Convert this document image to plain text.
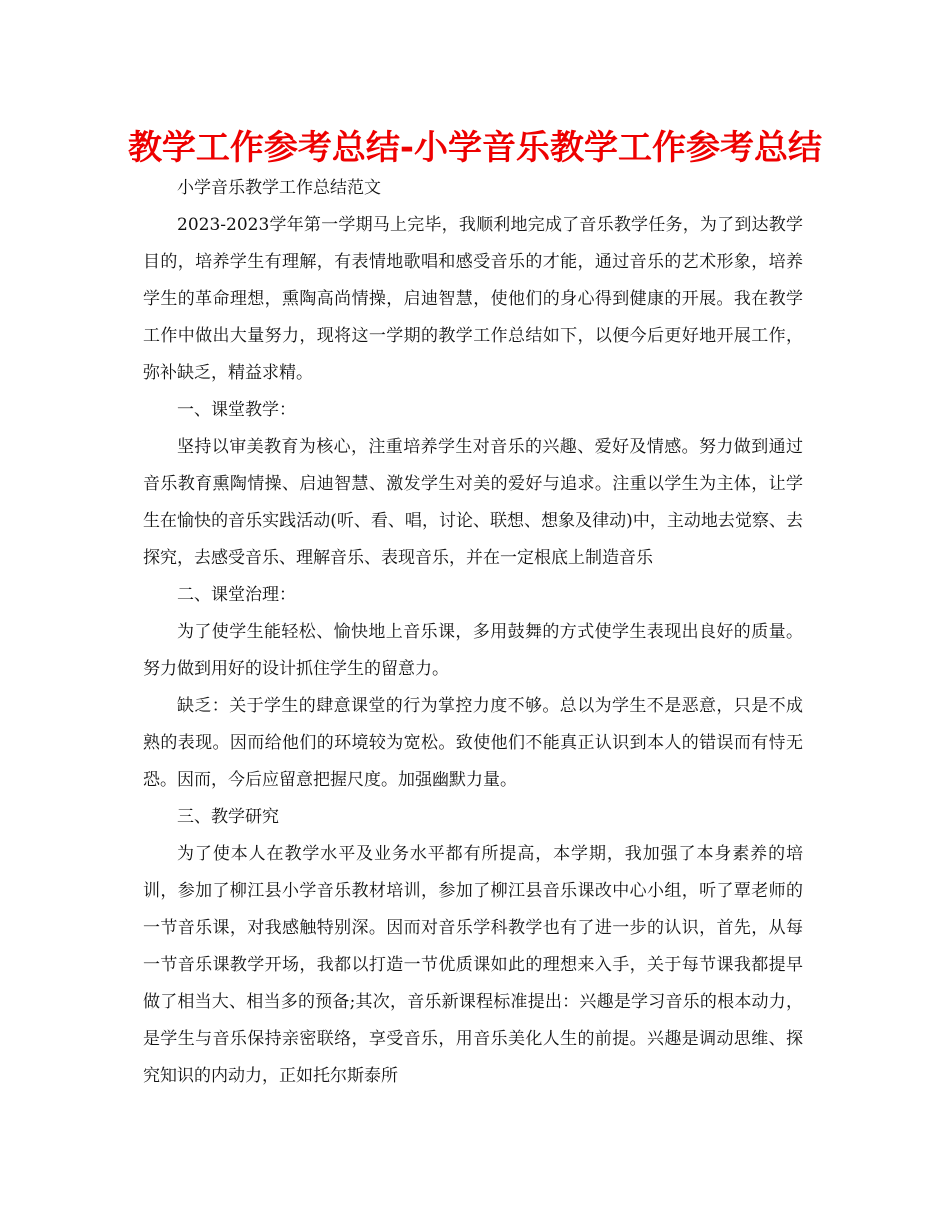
教学工作参考总结-小学音乐教学工作参考总结

小学音乐教学工作总结范文

2023-2023学年第一学期马上完毕，我顺利地完成了音乐教学任务，为了到达教学目的，培养学生有理解，有表情地歌唱和感受音乐的才能，通过音乐的艺术形象，培养学生的革命理想，熏陶高尚情操，启迪智慧，使他们的身心得到健康的开展。我在教学工作中做出大量努力，现将这一学期的教学工作总结如下，以便今后更好地开展工作，弥补缺乏，精益求精。

一、课堂教学：

坚持以审美教育为核心，注重培养学生对音乐的兴趣、爱好及情感。努力做到通过音乐教育熏陶情操、启迪智慧、激发学生对美的爱好与追求。注重以学生为主体，让学生在愉快的音乐实践活动(听、看、唱，讨论、联想、想象及律动)中，主动地去觉察、去探究，去感受音乐、理解音乐、表现音乐，并在一定根底上制造音乐

二、课堂治理：

为了使学生能轻松、愉快地上音乐课，多用鼓舞的方式使学生表现出良好的质量。努力做到用好的设计抓住学生的留意力。

缺乏：关于学生的肆意课堂的行为掌控力度不够。总以为学生不是恶意，只是不成熟的表现。因而给他们的环境较为宽松。致使他们不能真正认识到本人的错误而有恃无恐。因而，今后应留意把握尺度。加强幽默力量。

三、教学研究

为了使本人在教学水平及业务水平都有所提高，本学期，我加强了本身素养的培训，参加了柳江县小学音乐教材培训，参加了柳江县音乐课改中心小组，听了覃老师的一节音乐课，对我感触特别深。因而对音乐学科教学也有了进一步的认识，首先，从每一节音乐课教学开场，我都以打造一节优质课如此的理想来入手，关于每节课我都提早做了相当大、相当多的预备;其次，音乐新课程标准提出：兴趣是学习音乐的根本动力，是学生与音乐保持亲密联络，享受音乐，用音乐美化人生的前提。兴趣是调动思维、探究知识的内动力，正如托尔斯泰所
